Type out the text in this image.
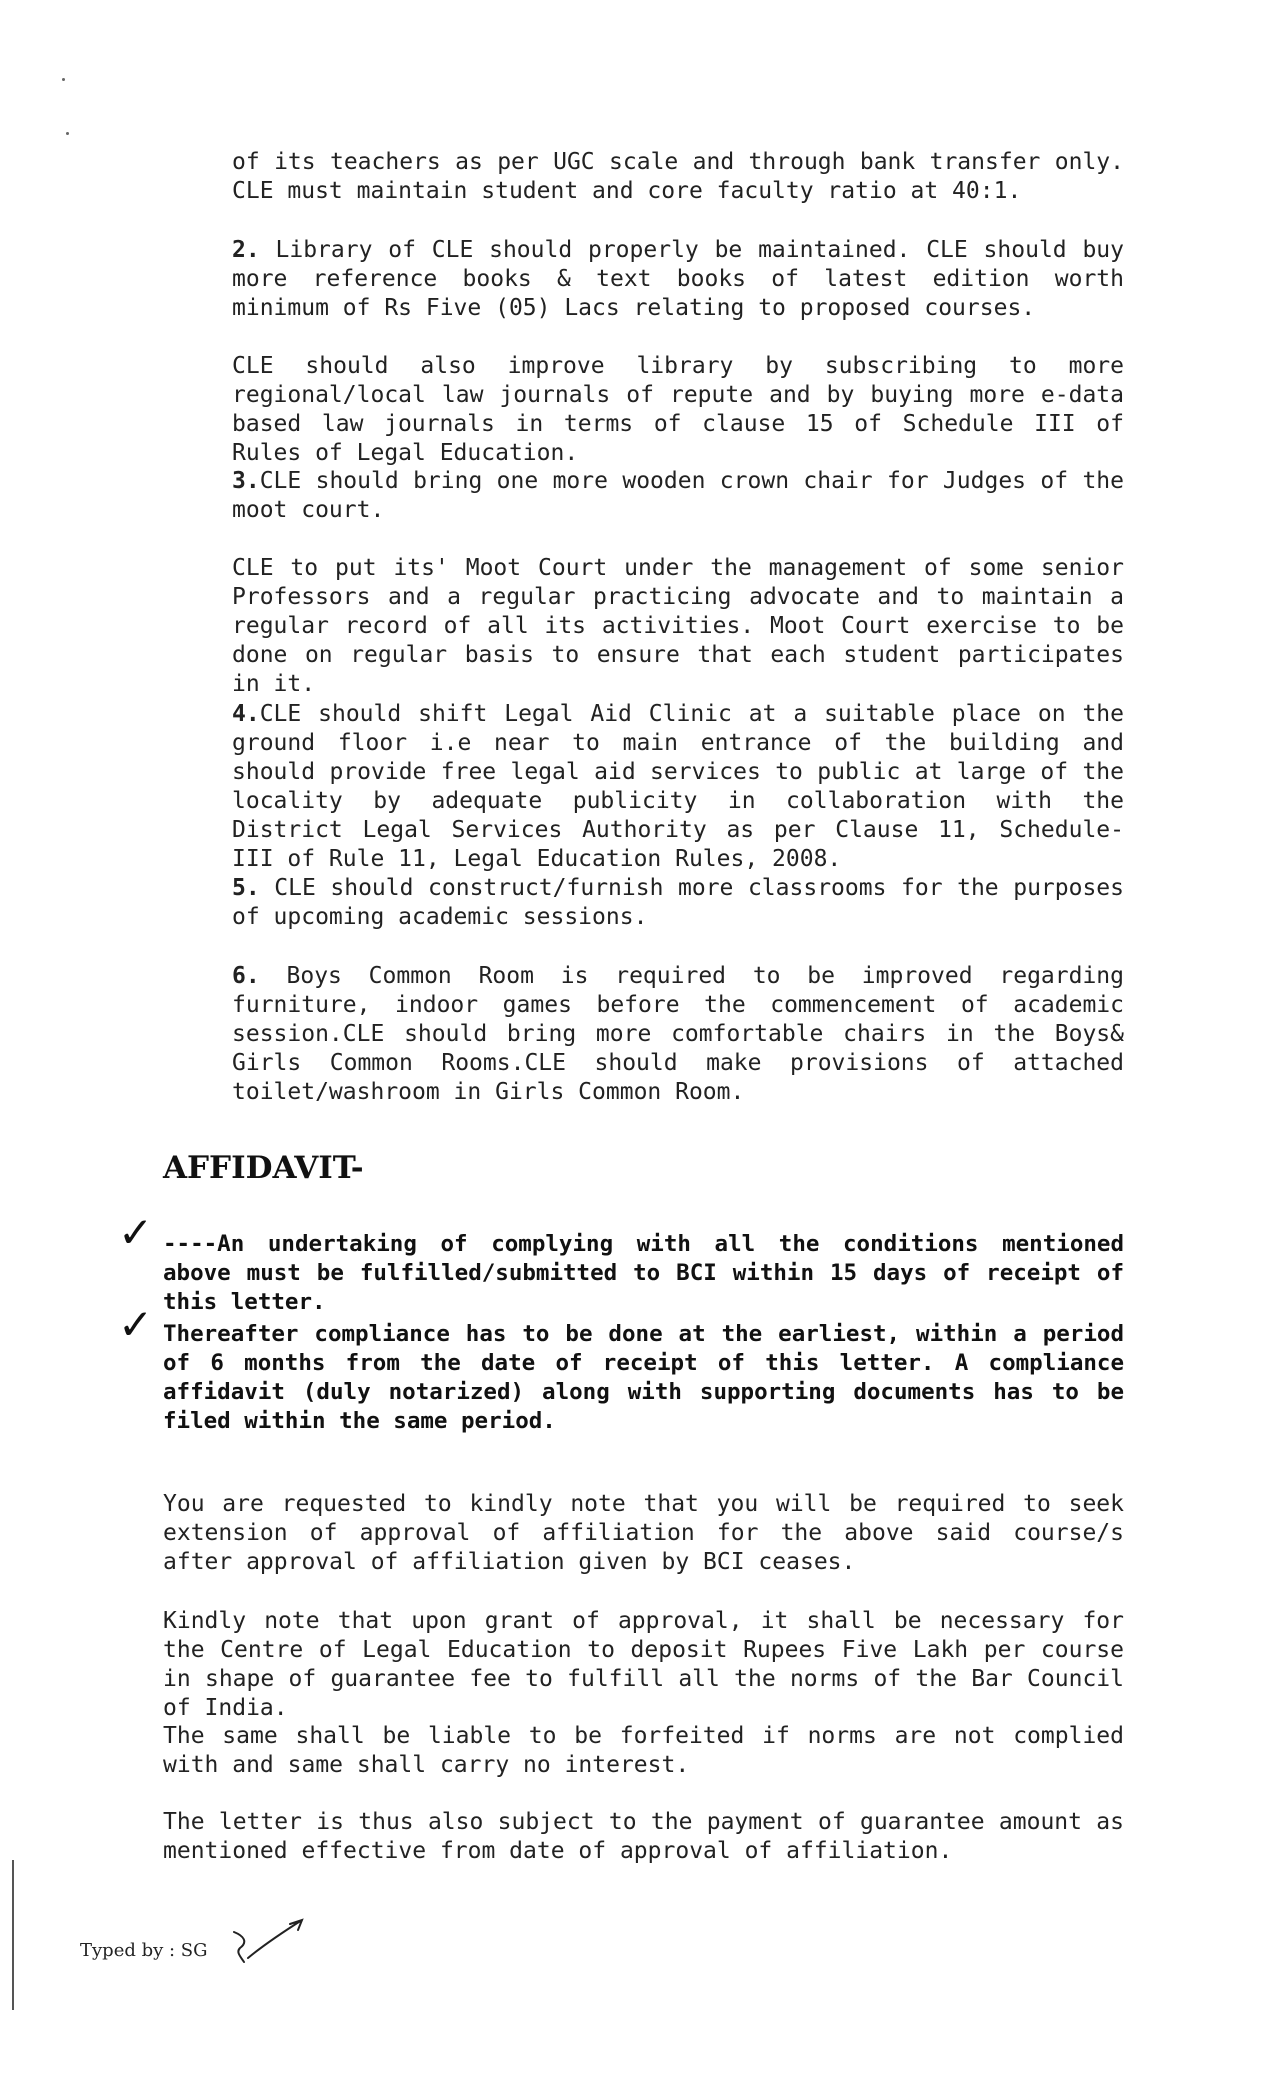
of its teachers as per UGC scale and through bank transfer only. CLE must maintain student and core faculty ratio at 40:1.

2. Library of CLE should properly be maintained. CLE should buy more reference books & text books of latest edition worth minimum of Rs Five (05) Lacs relating to proposed courses.

CLE should also improve library by subscribing to more regional/local law journals of repute and by buying more e-data based law journals in terms of clause 15 of Schedule III of Rules of Legal Education.

3.CLE should bring one more wooden crown chair for Judges of the moot court.

CLE to put its' Moot Court under the management of some senior Professors and a regular practicing advocate and to maintain a regular record of all its activities. Moot Court exercise to be done on regular basis to ensure that each student participates in it.

4.CLE should shift Legal Aid Clinic at a suitable place on the ground floor i.e near to main entrance of the building and should provide free legal aid services to public at large of the locality by adequate publicity in collaboration with the District Legal Services Authority as per Clause 11, Schedule- III of Rule 11, Legal Education Rules, 2008.

5. CLE should construct/furnish more classrooms for the purposes of upcoming academic sessions.

6. Boys Common Room is required to be improved regarding furniture, indoor games before the commencement of academic session.CLE should bring more comfortable chairs in the Boys& Girls Common Rooms.CLE should make provisions of attached toilet/washroom in Girls Common Room.

AFFIDAVIT-
✓ ----An undertaking of complying with all the conditions mentioned above must be fulfilled/submitted to BCI within 15 days of receipt of this letter.

✓ Thereafter compliance has to be done at the earliest, within a period of 6 months from the date of receipt of this letter. A compliance affidavit (duly notarized) along with supporting documents has to be filed within the same period.

You are requested to kindly note that you will be required to seek extension of approval of affiliation for the above said course/s after approval of affiliation given by BCI ceases.

Kindly note that upon grant of approval, it shall be necessary for the Centre of Legal Education to deposit Rupees Five Lakh per course in shape of guarantee fee to fulfill all the norms of the Bar Council of India.

The same shall be liable to be forfeited if norms are not complied with and same shall carry no interest.

The letter is thus also subject to the payment of guarantee amount as mentioned effective from date of approval of affiliation.

Typed by : SG
